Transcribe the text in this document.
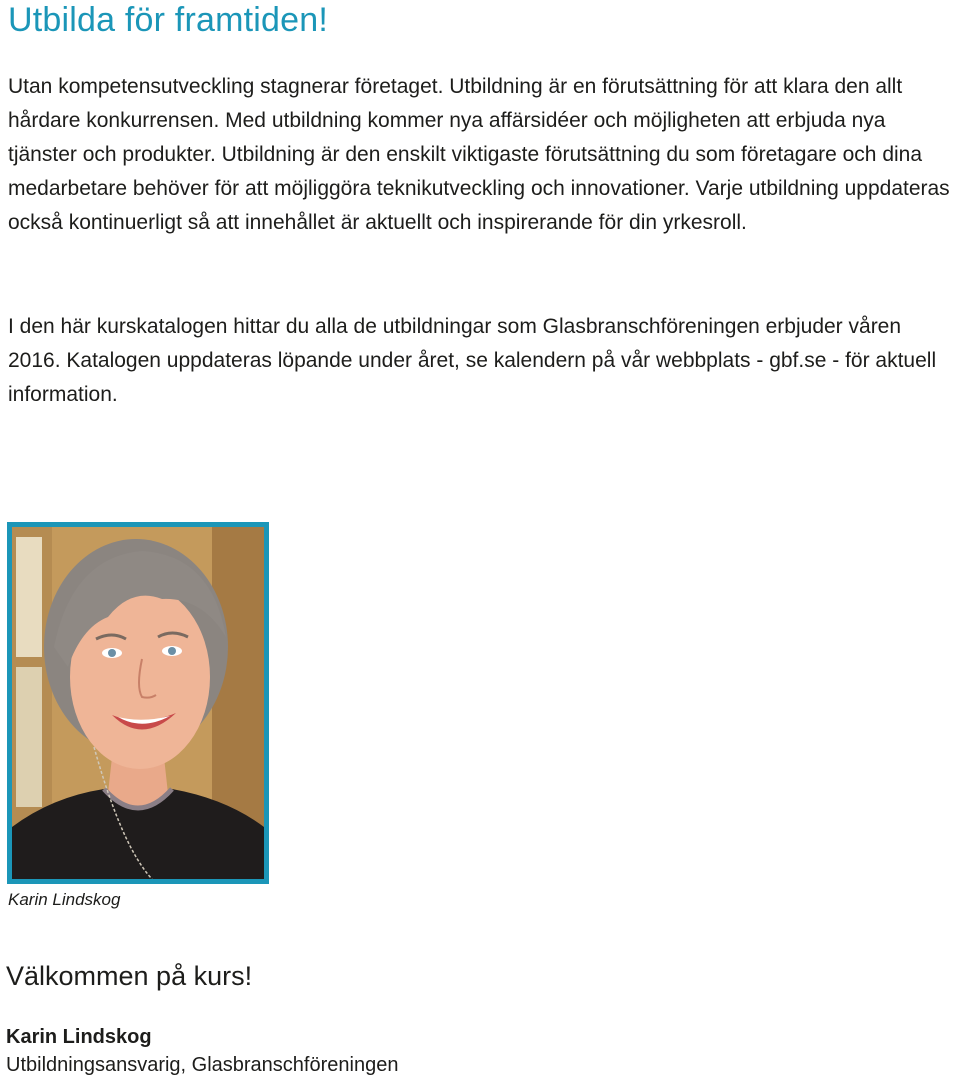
Utbilda för framtiden!

Utan kompetensutveckling stagnerar företaget. Utbildning är en förutsättning för att klara den allt hårdare konkurrensen. Med utbildning kommer nya affärsidéer och möjligheten att erbjuda nya tjänster och produkter. Utbildning är den enskilt viktigaste förutsättning du som företagare och dina medarbetare behöver för att möjliggöra teknikutveckling och innovationer. Varje utbildning uppdateras också kontinuerligt så att innehållet är aktuellt och inspirerande för din yrkesroll.

I den här kurskatalogen hittar du alla de utbildningar som Glasbranschföreningen erbjuder våren 2016. Katalogen uppdateras löpande under året, se kalendern på vår webbplats - gbf.se - för aktuell information.

Karin Lindskog
Välkommen på kurs!
Karin Lindskog
Utbildningsansvarig, Glasbranschföreningen
